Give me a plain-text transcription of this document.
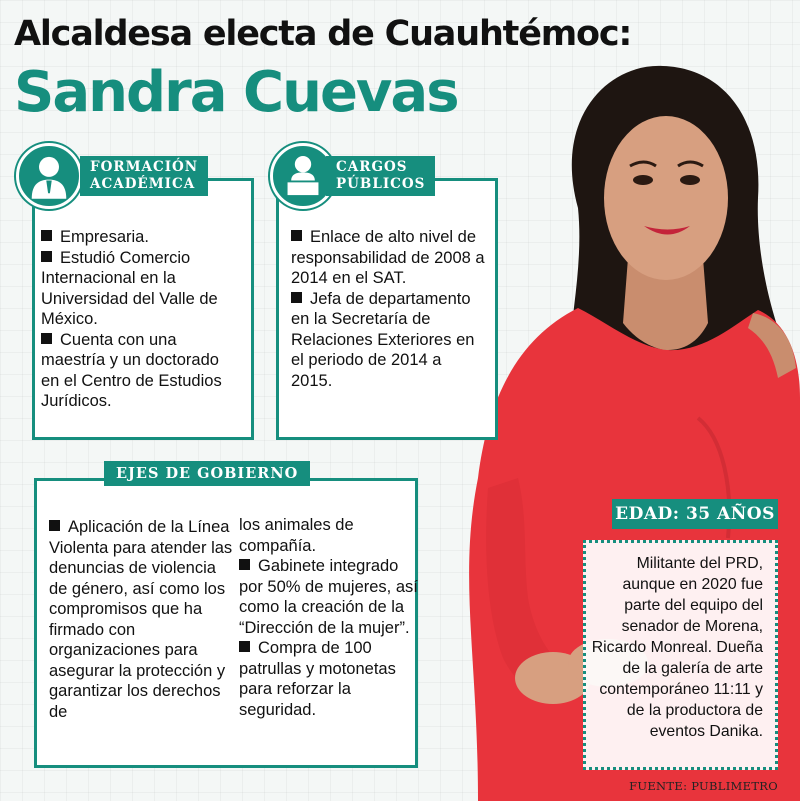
Alcaldesa electa de Cuauhtémoc:
Sandra Cuevas
Empresaria.
Estudió Comercio Internacional en la Universidad del Valle de México.
Cuenta con una maestría y un doctorado en el Centro de Estudios Jurídicos.
FORMACIÓN
ACADÉMICA
Enlace de alto nivel de responsabilidad de 2008 a 2014 en el SAT.
Jefa de departamento en la Secretaría de Relaciones Exteriores en el periodo de 2014 a 2015.
CARGOS
PÚBLICOS
Aplicación de la Línea Violenta para atender las denuncias de violencia de género, así como los compromisos que ha firmado con organizaciones para asegurar la protección y garantizar los derechos de
los animales de compañía.
Gabinete integrado por 50% de mujeres, así como la creación de la “Dirección de la mujer”.
Compra de 100 patrullas y motonetas para reforzar la seguridad.
EJES DE GOBIERNO
EDAD: 35 AÑOS
Militante del PRD, aunque en 2020 fue parte del equipo del senador de Morena, Ricardo Monreal. Dueña de la galería de arte contemporáneo 11:11 y de la productora de eventos Danika.
FUENTE: PUBLIMETRO
